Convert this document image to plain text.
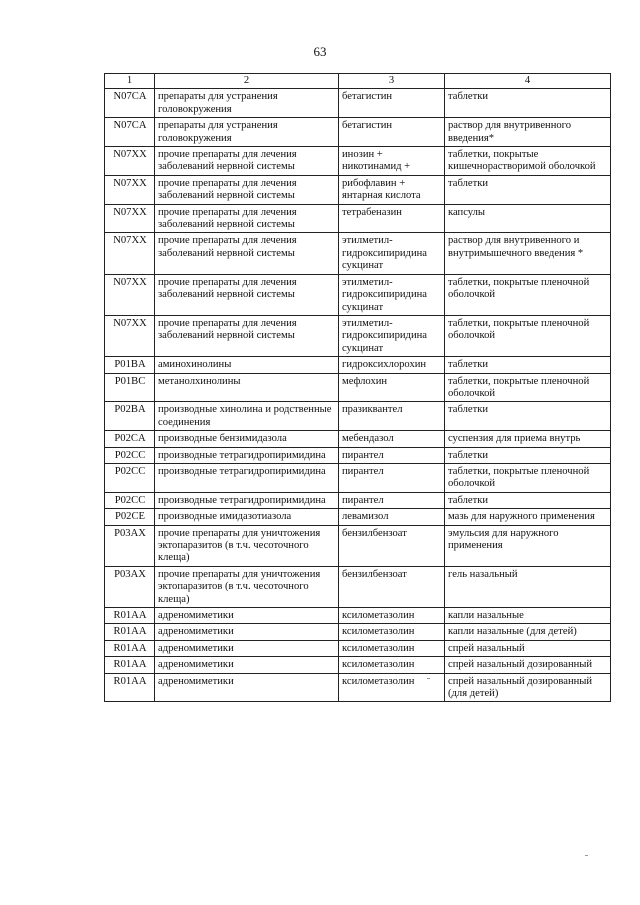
63
1	2	3	4
N07CA	препараты для устранения головокружения	бетагистин	таблетки
N07CA	препараты для устранения головокружения	бетагистин	раствор для внутривенного введения*
N07XX	прочие препараты для лечения заболеваний нервной системы	инозин + никотинамид +	таблетки, покрытые кишечнорастворимой оболочкой
N07XX	прочие препараты для лечения заболеваний нервной системы	рибофлавин + янтарная кислота	таблетки
N07XX	прочие препараты для лечения заболеваний нервной системы	тетрабеназин	капсулы
N07XX	прочие препараты для лечения заболеваний нервной системы	этилметил-гидроксипиридина сукцинат	раствор для внутривенного и внутримышечного введения *
N07XX	прочие препараты для лечения заболеваний нервной системы	этилметил-гидроксипиридина сукцинат	таблетки, покрытые пленочной оболочкой
N07XX	прочие препараты для лечения заболеваний нервной системы	этилметил-гидроксипиридина сукцинат	таблетки, покрытые пленочной оболочкой
P01BA	аминохинолины	гидроксихлорохин	таблетки
P01BC	метанолхинолины	мефлохин	таблетки, покрытые пленочной оболочкой
P02BA	производные хинолина и родственные соединения	празиквантел	таблетки
P02CA	производные бензимидазола	мебендазол	суспензия для приема внутрь
P02CC	производные тетрагидропиримидина	пирантел	таблетки
P02CC	производные тетрагидропиримидина	пирантел	таблетки, покрытые пленочной оболочкой
P02CC	производные тетрагидропиримидина	пирантел	таблетки
P02CE	производные имидазотиазола	левамизол	мазь для наружного применения
P03AX	прочие препараты для уничтожения эктопаразитов (в т.ч. чесоточного клеща)	бензилбензоат	эмульсия для наружного применения
P03AX	прочие препараты для уничтожения эктопаразитов (в т.ч. чесоточного клеща)	бензилбензоат	гель назальный
R01AA	адреномиметики	ксилометазолин	капли назальные
R01AA	адреномиметики	ксилометазолин	капли назальные (для детей)
R01AA	адреномиметики	ксилометазолин	спрей назальный
R01AA	адреномиметики	ксилометазолин	спрей назальный дозированный
R01AA	адреномиметики	ксилометазолин	спрей назальный дозированный (для детей)
